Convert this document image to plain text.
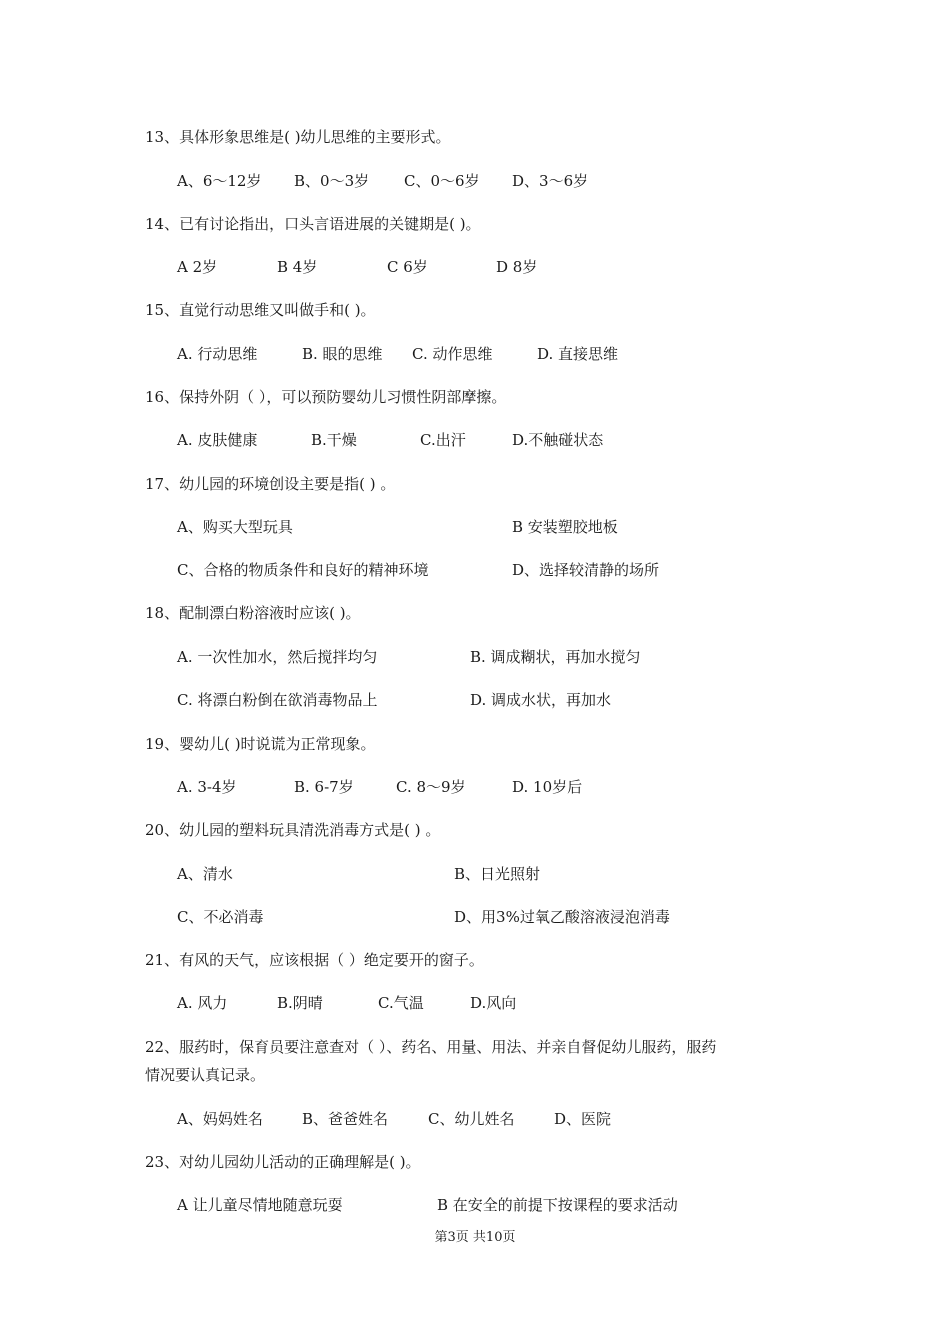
13、具体形象思维是( )幼儿思维的主要形式。
A、6～12岁 B、0～3岁 C、0～6岁 D、3～6岁
14、已有讨论指出，口头言语进展的关键期是( )。
A 2岁	B 4岁	C 6岁	D 8岁
15、直觉行动思维又叫做手和( )。
A. 行动思维	B. 眼的思维 C. 动作思维	D. 直接思维
16、保持外阴（ ），可以预防婴幼儿习惯性阴部摩擦。
A. 皮肤健康	B.干燥	C.出汗	D.不触碰状态
17、幼儿园的环境创设主要是指( ) 。
A、购买大型玩具	B 安装塑胶地板
C、合格的物质条件和良好的精神环境	D、选择较清静的场所
18、配制漂白粉溶液时应该( )。
A. 一次性加水，然后搅拌均匀	B. 调成糊状，再加水搅匀
C. 将漂白粉倒在欲消毒物品上	D. 调成水状，再加水
19、婴幼儿( )时说谎为正常现象。
A. 3-4岁	B. 6-7岁	C. 8～9岁	D. 10岁后
20、幼儿园的塑料玩具清洗消毒方式是( ) 。
A、清水	B、日光照射
C、不必消毒	D、用3%过氧乙酸溶液浸泡消毒
21、有风的天气，应该根据（ ）绝定要开的窗子。
A. 风力	B.阴晴	C.气温	D.风向
22、服药时，保育员要注意查对（ ）、药名、用量、用法、并亲自督促幼儿服药，服药
情况要认真记录。
A、妈妈姓名	B、爸爸姓名	C、幼儿姓名	D、医院
23、对幼儿园幼儿活动的正确理解是( )。
A 让儿童尽情地随意玩耍	B 在安全的前提下按课程的要求活动
第3页 共10页
